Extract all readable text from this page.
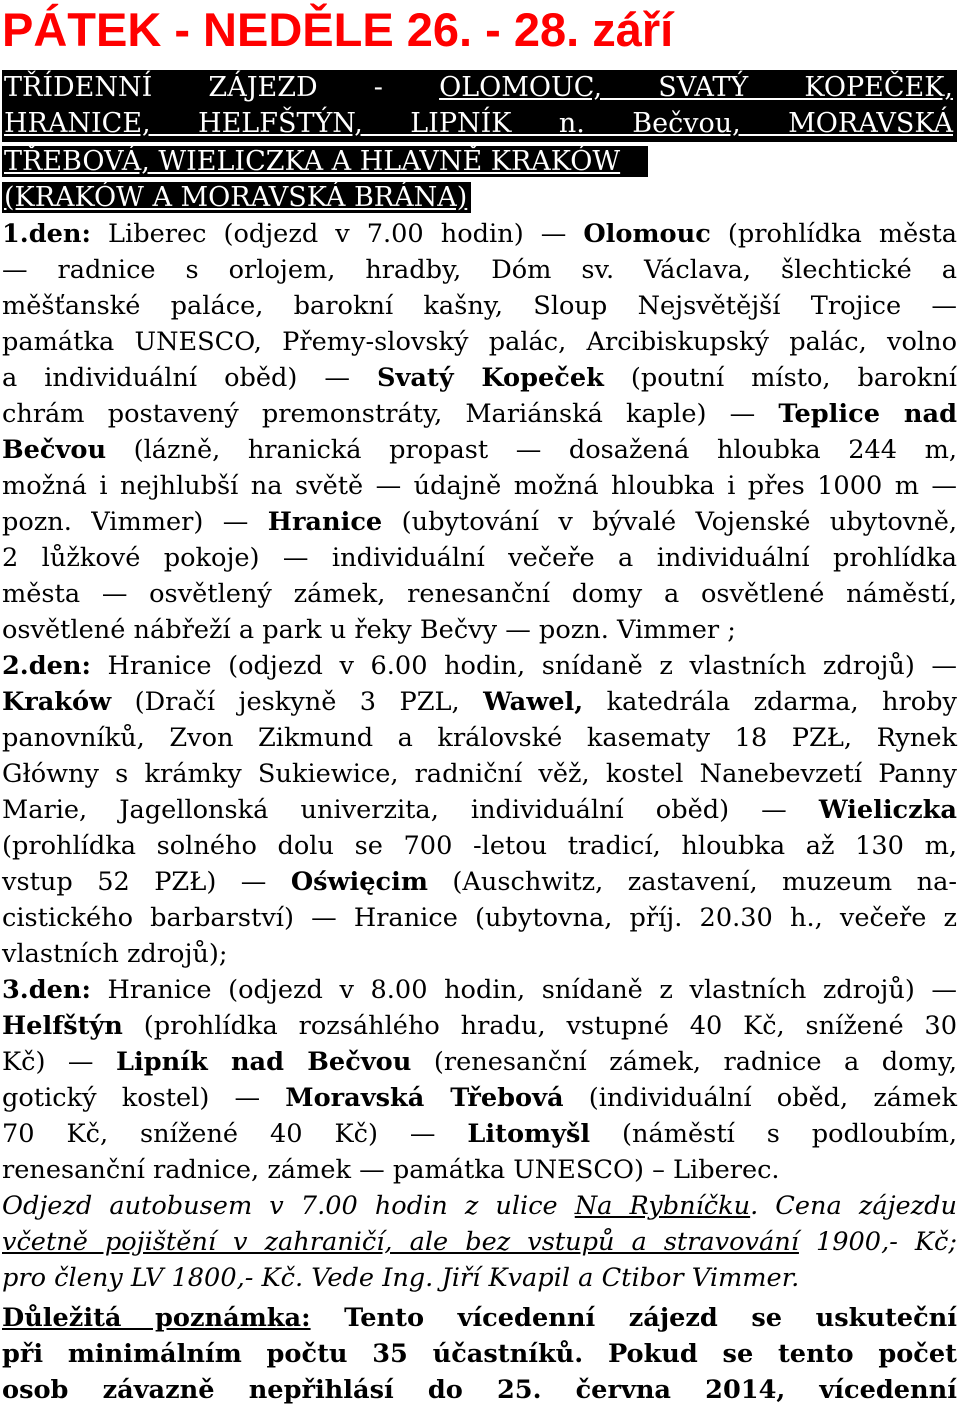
PÁTEK - NEDĚLE 26. - 28. září
TŘÍDENNÍ ZÁJEZD - OLOMOUC, SVATÝ KOPEČEK,
HRANICE, HELFŠTÝN, LIPNÍK n. Bečvou, MORAVSKÁ
TŘEBOVÁ, WIELICZKA A HLAVNĚ KRAKÓW
(KRAKÓW A MORAVSKÁ BRÁNA)
1.den: Liberec (odjezd v 7.00 hodin) — Olomouc (prohlídka města
— radnice s orlojem, hradby, Dóm sv. Václava, šlechtické a
měšťanské paláce, barokní kašny, Sloup Nejsvětější Trojice —
památka UNESCO, Přemy-slovský palác, Arcibiskupský palác, volno
a individuální oběd) — Svatý Kopeček (poutní místo, barokní
chrám postavený premonstráty, Mariánská kaple) — Teplice nad
Bečvou (lázně, hranická propast — dosažená hloubka 244 m,
možná i nejhlubší na světě — údajně možná hloubka i přes 1000 m —
pozn. Vimmer) — Hranice (ubytování v bývalé Vojenské ubytovně,
2 lůžkové pokoje) — individuální večeře a individuální prohlídka
města — osvětlený zámek, renesanční domy a osvětlené náměstí,
osvětlené nábřeží a park u řeky Bečvy — pozn. Vimmer ;
2.den: Hranice (odjezd v 6.00 hodin, snídaně z vlastních zdrojů) —
Kraków (Dračí jeskyně 3 PZL, Wawel, katedrála zdarma, hroby
panovníků, Zvon Zikmund a královské kasematy 18 PZŁ, Rynek
Główny s krámky Sukiewice, radniční věž, kostel Nanebevzetí Panny
Marie, Jagellonská univerzita, individuální oběd) — Wieliczka
(prohlídka solného dolu se 700 -letou tradicí, hloubka až 130 m,
vstup 52 PZŁ) — Oświęcim (Auschwitz, zastavení, muzeum na-
cistického barbarství) — Hranice (ubytovna, příj. 20.30 h., večeře z
vlastních zdrojů);
3.den: Hranice (odjezd v 8.00 hodin, snídaně z vlastních zdrojů) —
Helfštýn (prohlídka rozsáhlého hradu, vstupné 40 Kč, snížené 30
Kč) — Lipník nad Bečvou (renesanční zámek, radnice a domy,
gotický kostel) — Moravská Třebová (individuální oběd, zámek
70 Kč, snížené 40 Kč) — Litomyšl (náměstí s podloubím,
renesanční radnice, zámek — památka UNESCO) – Liberec.
Odjezd autobusem v 7.00 hodin z ulice Na Rybníčku. Cena zájezdu
včetně pojištění v zahraničí, ale bez vstupů a stravování 1900,- Kč;
pro členy LV 1800,- Kč. Vede Ing. Jiří Kvapil a Ctibor Vimmer.
Důležitá poznámka: Tento vícedenní zájezd se uskuteční
při minimálním počtu 35 účastníků. Pokud se tento počet
osob závazně nepřihlásí do 25. června 2014, vícedenní
